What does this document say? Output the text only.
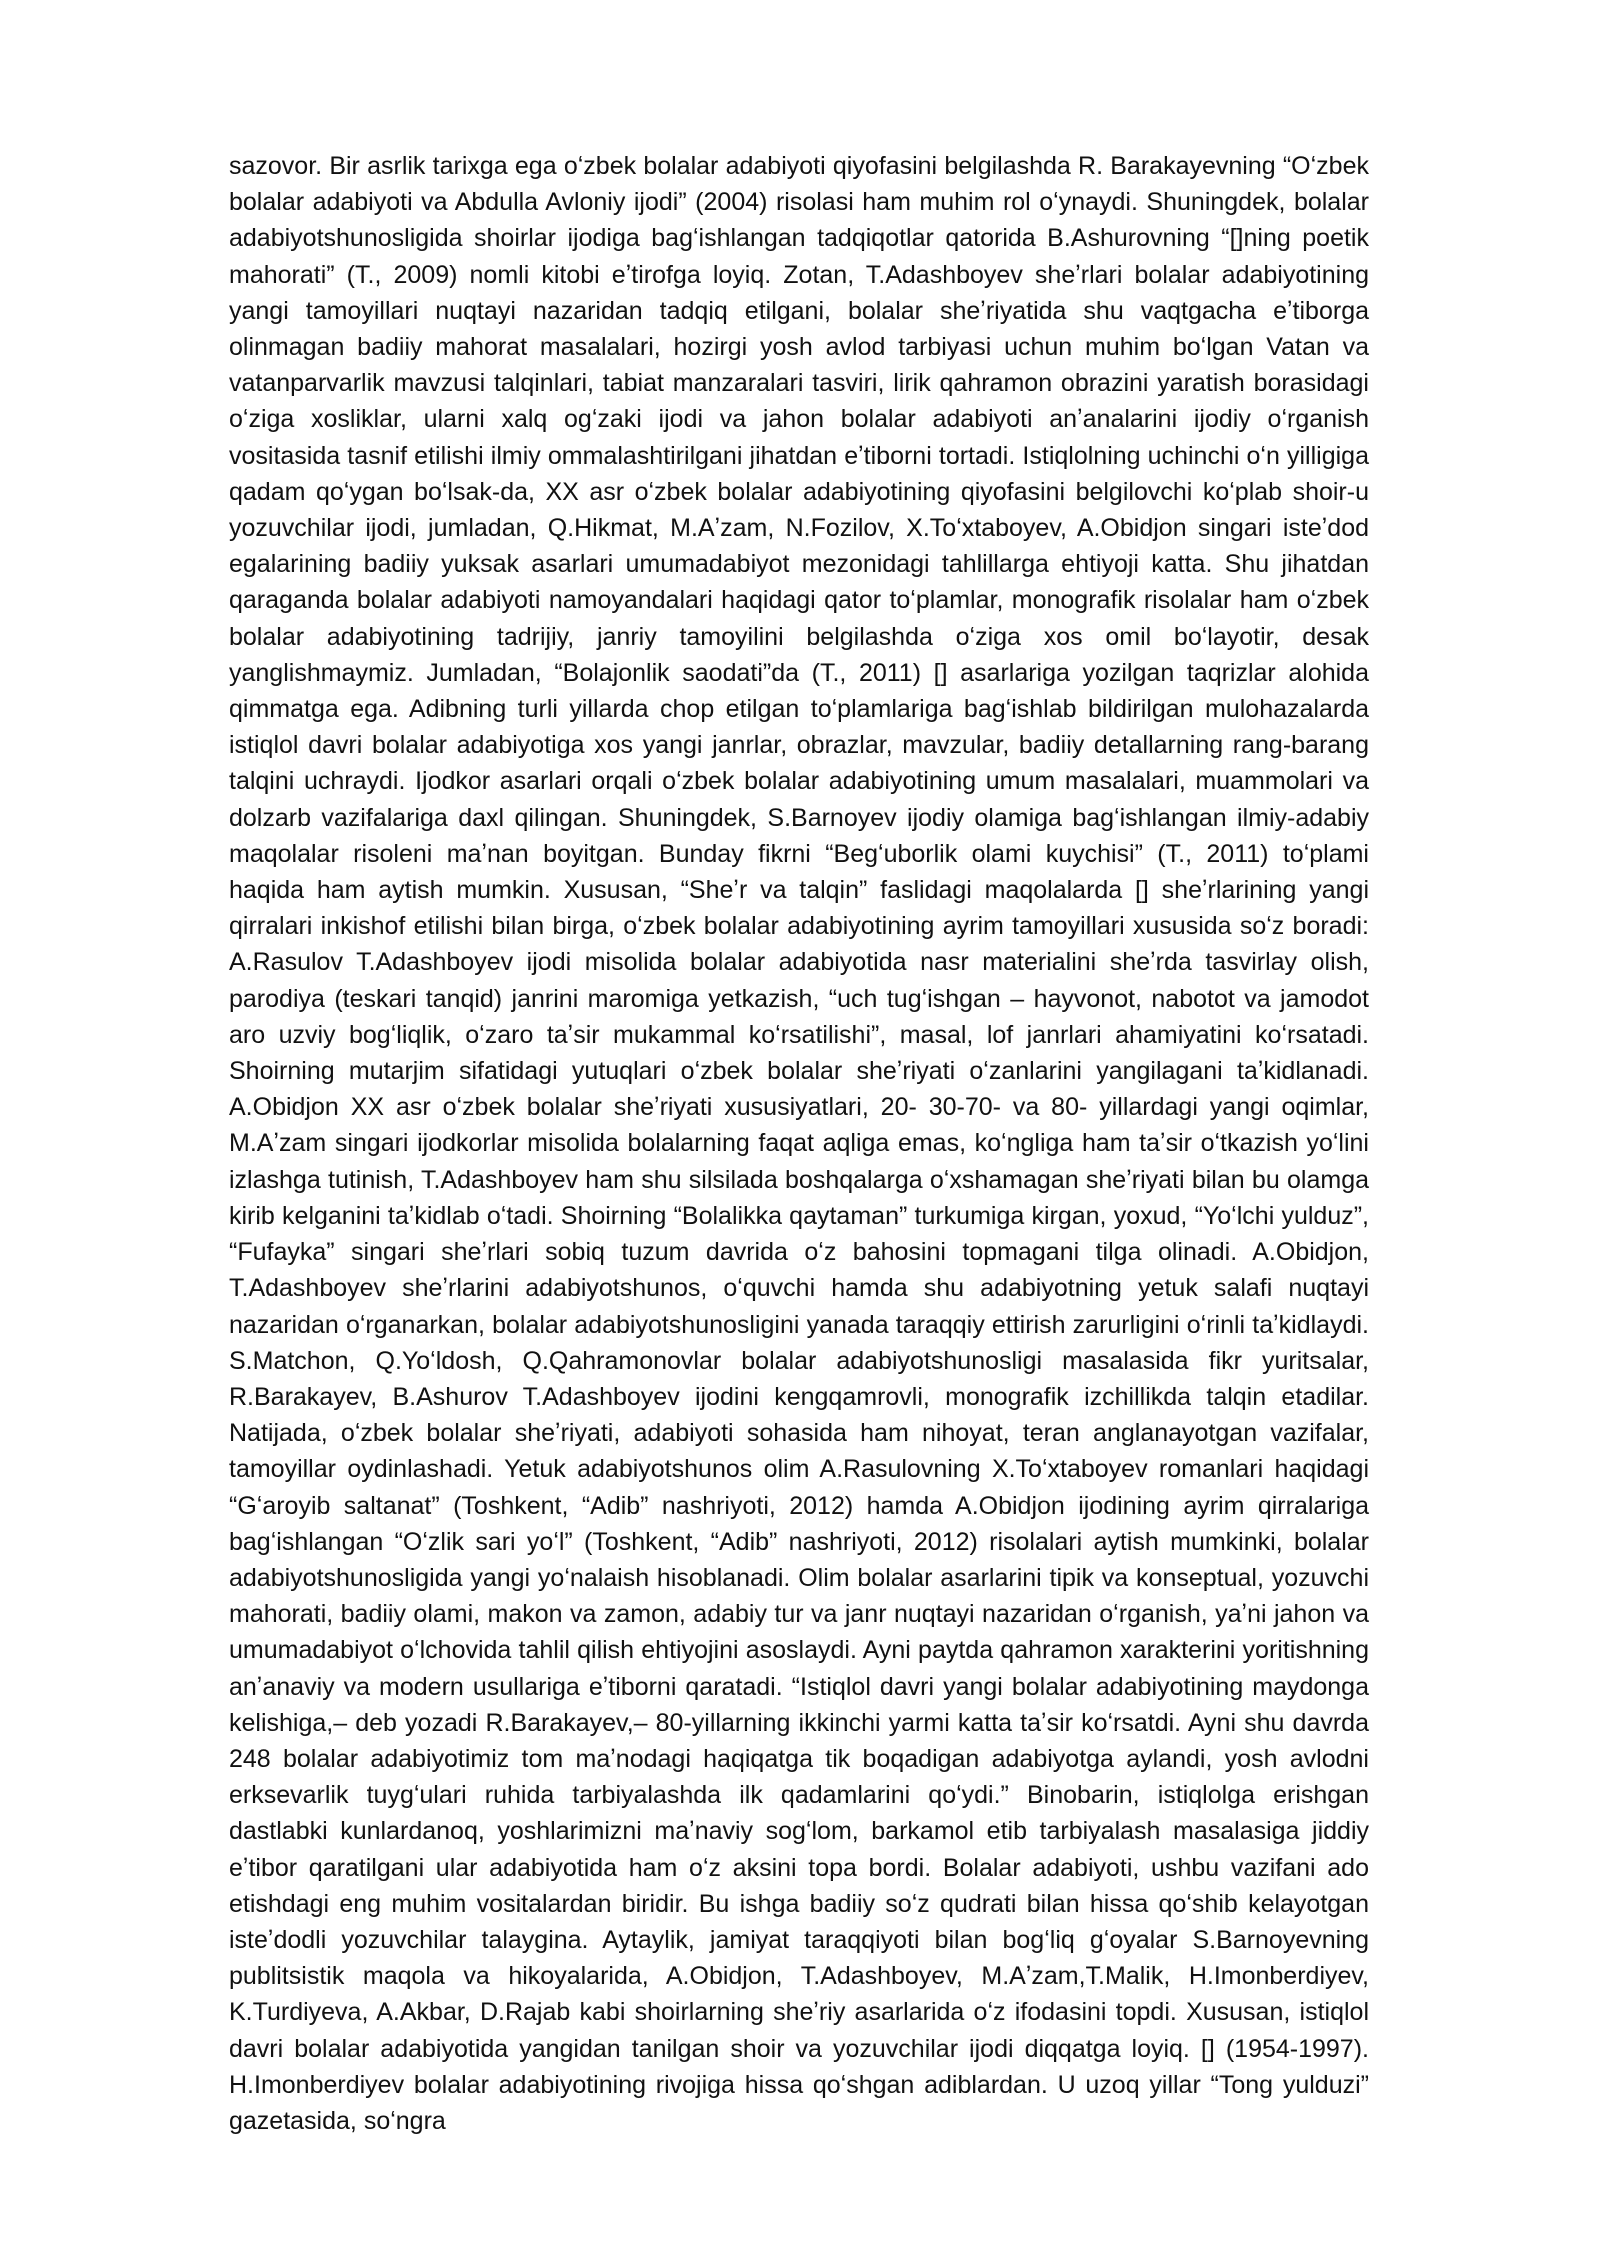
sazovor. Bir asrlik tarixga ega oʻzbek bolalar adabiyoti qiyofasini belgilashda R. Barakayevning “Oʻzbek bolalar adabiyoti va Abdulla Avloniy ijodi” (2004) risolasi ham muhim rol oʻynaydi. Shuningdek, bolalar adabiyotshunosligida shoirlar ijodiga bagʻishlangan tadqiqotlar qatorida B.Ashurovning “[]ning poetik mahorati” (T., 2009) nomli kitobi eʼtirofga loyiq. Zotan, T.Adashboyev sheʼrlari bolalar adabiyotining yangi tamoyillari nuqtayi nazaridan tadqiq etilgani, bolalar sheʼriyatida shu vaqtgacha eʼtiborga olinmagan badiiy mahorat masalalari, hozirgi yosh avlod tarbiyasi uchun muhim boʻlgan Vatan va vatanparvarlik mavzusi talqinlari, tabiat manzaralari tasviri, lirik qahramon obrazini yaratish borasidagi oʻziga xosliklar, ularni xalq ogʻzaki ijodi va jahon bolalar adabiyoti anʼanalarini ijodiy oʻrganish vositasida tasnif etilishi ilmiy ommalashtirilgani jihatdan eʼtiborni tortadi. Istiqlolning uchinchi oʻn yilligiga qadam qoʻygan boʻlsak-da, XX asr oʻzbek bolalar adabiyotining qiyofasini belgilovchi koʻplab shoir-u yozuvchilar ijodi, jumladan, Q.Hikmat, M.Aʼzam, N.Fozilov, X.Toʻxtaboyev, A.Obidjon singari isteʼdod egalarining badiiy yuksak asarlari umumadabiyot mezonidagi tahlillarga ehtiyoji katta. Shu jihatdan qaraganda bolalar adabiyoti namoyandalari haqidagi qator toʻplamlar, monografik risolalar ham oʻzbek bolalar adabiyotining tadrijiy, janriy tamoyilini belgilashda oʻziga xos omil boʻlayotir, desak yanglishmaymiz. Jumladan, “Bolajonlik saodati”da (T., 2011) [] asarlariga yozilgan taqrizlar alohida qimmatga ega. Adibning turli yillarda chop etilgan toʻplamlariga bagʻishlab bildirilgan mulohazalarda istiqlol davri bolalar adabiyotiga xos yangi janrlar, obrazlar, mavzular, badiiy detallarning rang-barang talqini uchraydi. Ijodkor asarlari orqali oʻzbek bolalar adabiyotining umum masalalari, muammolari va dolzarb vazifalariga daxl qilingan. Shuningdek, S.Barnoyev ijodiy olamiga bagʻishlangan ilmiy-adabiy maqolalar risoleni maʼnan boyitgan. Bunday fikrni “Begʻuborlik olami kuychisi” (T., 2011) toʻplami haqida ham aytish mumkin. Xususan, “Sheʼr va talqin” faslidagi maqolalarda [] sheʼrlarining yangi qirralari inkishof etilishi bilan birga, oʻzbek bolalar adabiyotining ayrim tamoyillari xususida soʻz boradi: A.Rasulov T.Adashboyev ijodi misolida bolalar adabiyotida nasr materialini sheʼrda tasvirlay olish, parodiya (teskari tanqid) janrini maromiga yetkazish, “uch tugʻishgan – hayvonot, nabotot va jamodot aro uzviy bogʻliqlik, oʻzaro taʼsir mukammal koʻrsatilishi”, masal, lof janrlari ahamiyatini koʻrsatadi. Shoirning mutarjim sifatidagi yutuqlari oʻzbek bolalar sheʼriyati oʻzanlarini yangilagani taʼkidlanadi. A.Obidjon XX asr oʻzbek bolalar sheʼriyati xususiyatlari, 20- 30-70- va 80- yillardagi yangi oqimlar, M.Aʼzam singari ijodkorlar misolida bolalarning faqat aqliga emas, koʻngliga ham taʼsir oʻtkazish yoʻlini izlashga tutinish, T.Adashboyev ham shu silsilada boshqalarga oʻxshamagan sheʼriyati bilan bu olamga kirib kelganini taʼkidlab oʻtadi. Shoirning “Bolalikka qaytaman” turkumiga kirgan, yoxud, “Yoʻlchi yulduz”, “Fufayka” singari sheʼrlari sobiq tuzum davrida oʻz bahosini topmagani tilga olinadi. A.Obidjon, T.Adashboyev sheʼrlarini adabiyotshunos, oʻquvchi hamda shu adabiyotning yetuk salafi nuqtayi nazaridan oʻrganarkan, bolalar adabiyotshunosligini yanada taraqqiy ettirish zarurligini oʻrinli taʼkidlaydi. S.Matchon, Q.Yoʻldosh, Q.Qahramonovlar bolalar adabiyotshunosligi masalasida fikr yuritsalar, R.Barakayev, B.Ashurov T.Adashboyev ijodini kengqamrovli, monografik izchillikda talqin etadilar. Natijada, oʻzbek bolalar sheʼriyati, adabiyoti sohasida ham nihoyat, teran anglanayotgan vazifalar, tamoyillar oydinlashadi. Yetuk adabiyotshunos olim A.Rasulovning X.Toʻxtaboyev romanlari haqidagi “Gʻaroyib saltanat” (Toshkent, “Adib” nashriyoti, 2012) hamda A.Obidjon ijodining ayrim qirralariga bagʻishlangan “Oʻzlik sari yoʻl” (Toshkent, “Adib” nashriyoti, 2012) risolalari aytish mumkinki, bolalar adabiyotshunosligida yangi yoʻnalaish hisoblanadi. Olim bolalar asarlarini tipik va konseptual, yozuvchi mahorati, badiiy olami, makon va zamon, adabiy tur va janr nuqtayi nazaridan oʻrganish, yaʼni jahon va umumadabiyot oʻlchovida tahlil qilish ehtiyojini asoslaydi. Ayni paytda qahramon xarakterini yoritishning anʼanaviy va modern usullariga eʼtiborni qaratadi. “Istiqlol davri yangi bolalar adabiyotining maydonga kelishiga,– deb yozadi R.Barakayev,– 80-yillarning ikkinchi yarmi katta taʼsir koʻrsatdi. Ayni shu davrda 248 bolalar adabiyotimiz tom maʼnodagi haqiqatga tik boqadigan adabiyotga aylandi, yosh avlodni erksevarlik tuygʻulari ruhida tarbiyalashda ilk qadamlarini qoʻydi.” Binobarin, istiqlolga erishgan dastlabki kunlardanoq, yoshlarimizni maʼnaviy sogʻlom, barkamol etib tarbiyalash masalasiga jiddiy eʼtibor qaratilgani ular adabiyotida ham oʻz aksini topa bordi. Bolalar adabiyoti, ushbu vazifani ado etishdagi eng muhim vositalardan biridir. Bu ishga badiiy soʻz qudrati bilan hissa qoʻshib kelayotgan isteʼdodli yozuvchilar talaygina. Aytaylik, jamiyat taraqqiyoti bilan bogʻliq gʻoyalar S.Barnoyevning publitsistik maqola va hikoyalarida, A.Obidjon, T.Adashboyev, M.Aʼzam,T.Malik, H.Imonberdiyev, K.Turdiyeva, A.Akbar, D.Rajab kabi shoirlarning sheʼriy asarlarida oʻz ifodasini topdi. Xususan, istiqlol davri bolalar adabiyotida yangidan tanilgan shoir va yozuvchilar ijodi diqqatga loyiq. [] (1954-1997). H.Imonberdiyev bolalar adabiyotining rivojiga hissa qoʻshgan adiblardan. U uzoq yillar “Tong yulduzi” gazetasida, soʻngra
